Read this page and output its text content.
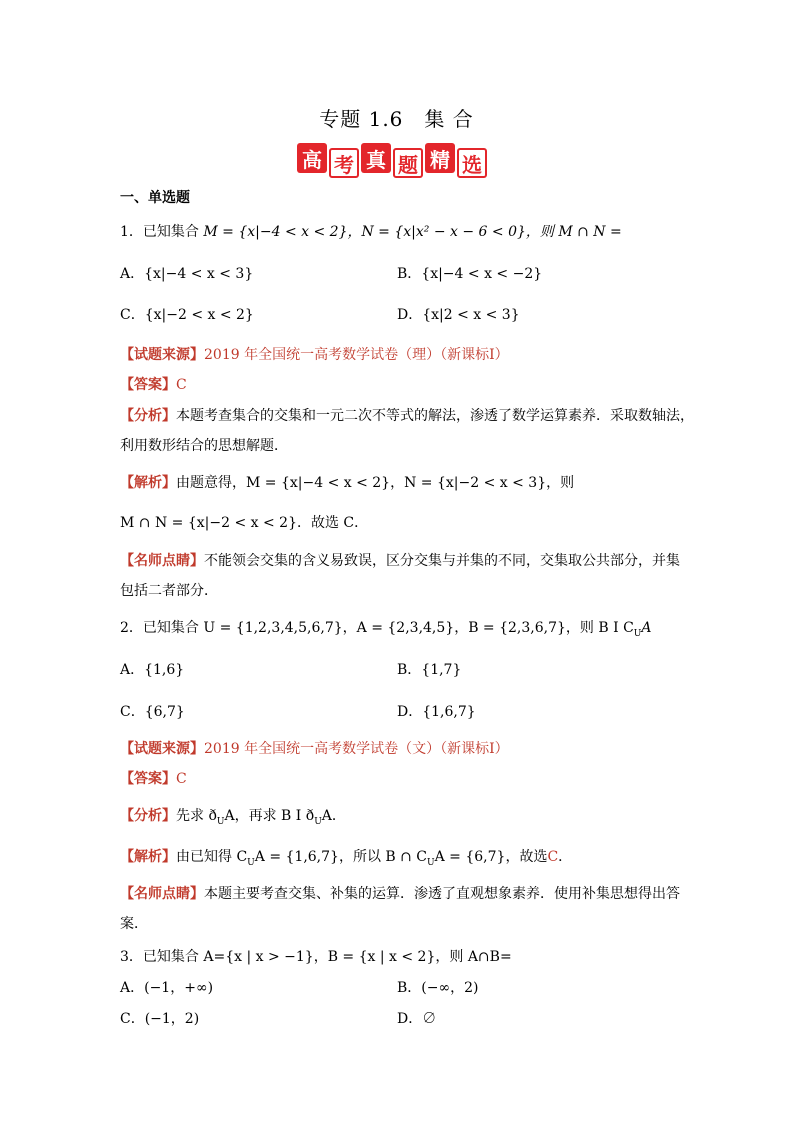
专题 1.6　集 合
高 考 真 题 精 选
一、单选题
1．已知集合 M = {x|−4 < x < 2}，N = {x|x² − x − 6 < 0}，则 M ∩ N =
A．{x|−4 < x < 3}	B．{x|−4 < x < −2}
C．{x|−2 < x < 2}	D．{x|2 < x < 3}
【试题来源】2019 年全国统一高考数学试卷（理）（新课标Ⅰ）
【答案】C
【分析】本题考查集合的交集和一元二次不等式的解法，渗透了数学运算素养．采取数轴法，
利用数形结合的思想解题．
【解析】由题意得，M = {x|−4 < x < 2}，N = {x|−2 < x < 3}，则
M ∩ N = {x|−2 < x < 2}．故选 C．
【名师点睛】不能领会交集的含义易致误，区分交集与并集的不同，交集取公共部分，并集
包括二者部分．
2．已知集合 U = {1,2,3,4,5,6,7}，A = {2,3,4,5}，B = {2,3,6,7}，则 B I $C_UA$
A．{1,6}	B．{1,7}
C．{6,7}	D．{1,6,7}
【试题来源】2019 年全国统一高考数学试卷（文）（新课标Ⅰ）
【答案】C
【分析】先求 $ð_UA$，再求 B I $ð_UA$．
【解析】由已知得 $C_UA = \{1,6,7\}$，所以 B ∩ $C_UA = \{6,7\}$，故选C．
【名师点睛】本题主要考查交集、补集的运算．渗透了直观想象素养．使用补集思想得出答
案．
3．已知集合 A={x | x > −1}，B = {x | x < 2}，则 A∩B=
A．(−1，+∞)	B．(−∞，2)
C．(−1，2)	D．∅
